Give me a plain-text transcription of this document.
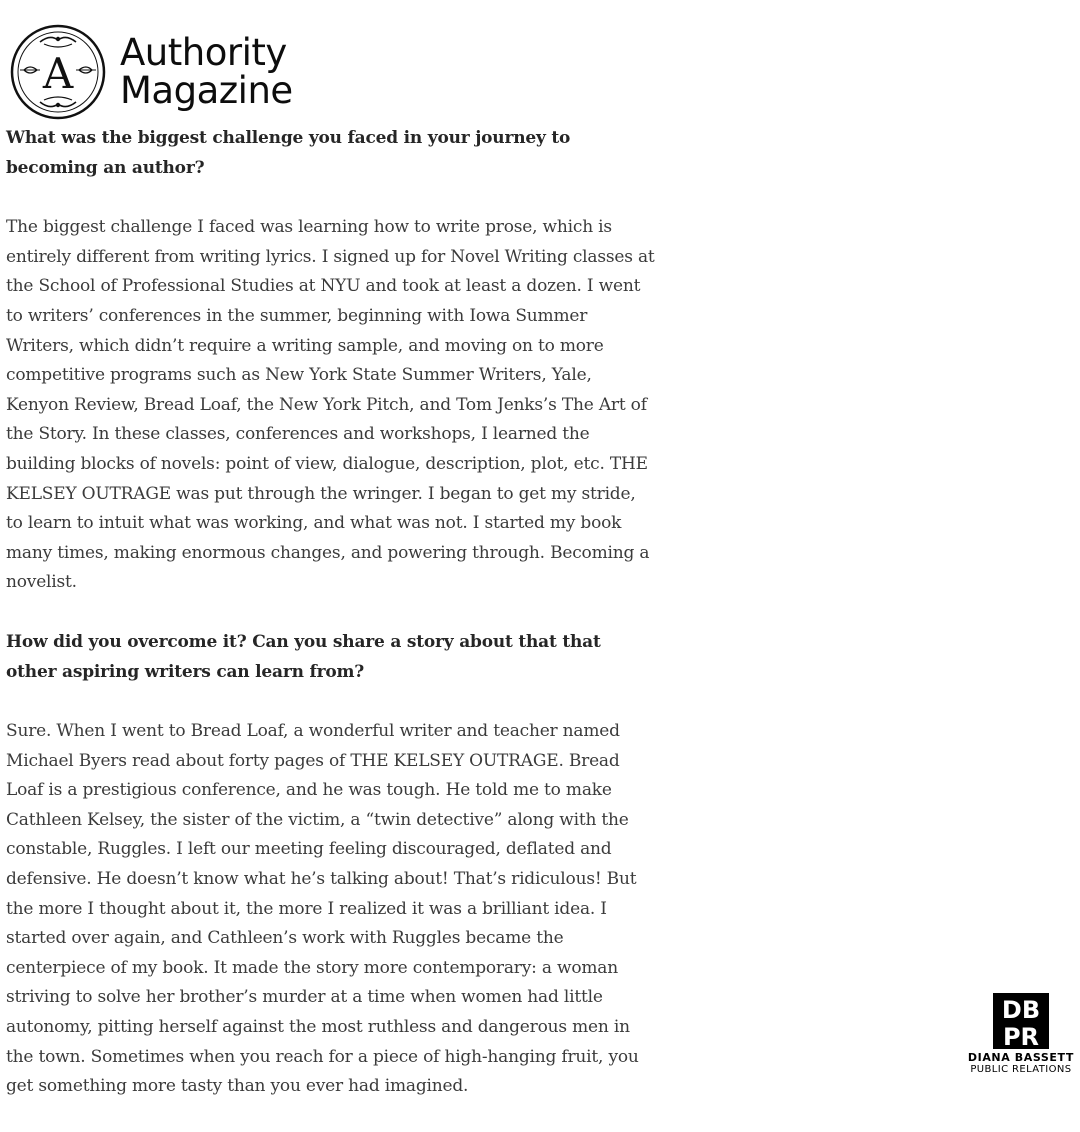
A Authority
Magazine

What was the biggest challenge you faced in your journey to becoming an author?

The biggest challenge I faced was learning how to write prose, which is entirely different from writing lyrics. I signed up for Novel Writing classes at the School of Professional Studies at NYU and took at least a dozen. I went to writers’ conferences in the summer, beginning with Iowa Summer Writers, which didn’t require a writing sample, and moving on to more competitive programs such as New York State Summer Writers, Yale, Kenyon Review, Bread Loaf, the New York Pitch, and Tom Jenks’s The Art of the Story. In these classes, conferences and workshops, I learned the building blocks of novels: point of view, dialogue, description, plot, etc. THE KELSEY OUTRAGE was put through the wringer. I began to get my stride, to learn to intuit what was working, and what was not. I started my book many times, making enormous changes, and powering through. Becoming a novelist.

How did you overcome it? Can you share a story about that that other aspiring writers can learn from?

Sure. When I went to Bread Loaf, a wonderful writer and teacher named Michael Byers read about forty pages of THE KELSEY OUTRAGE. Bread Loaf is a prestigious conference, and he was tough. He told me to make Cathleen Kelsey, the sister of the victim, a “twin detective” along with the constable, Ruggles. I left our meeting feeling discouraged, deflated and defensive. He doesn’t know what he’s talking about! That’s ridiculous! But the more I thought about it, the more I realized it was a brilliant idea. I started over again, and Cathleen’s work with Ruggles became the centerpiece of my book. It made the story more contemporary: a woman striving to solve her brother’s murder at a time when women had little autonomy, pitting herself against the most ruthless and dangerous men in the town. Sometimes when you reach for a piece of high-hanging fruit, you get something more tasty than you ever had imagined.

DB
PR
DIANA BASSETT
PUBLIC RELATIONS
